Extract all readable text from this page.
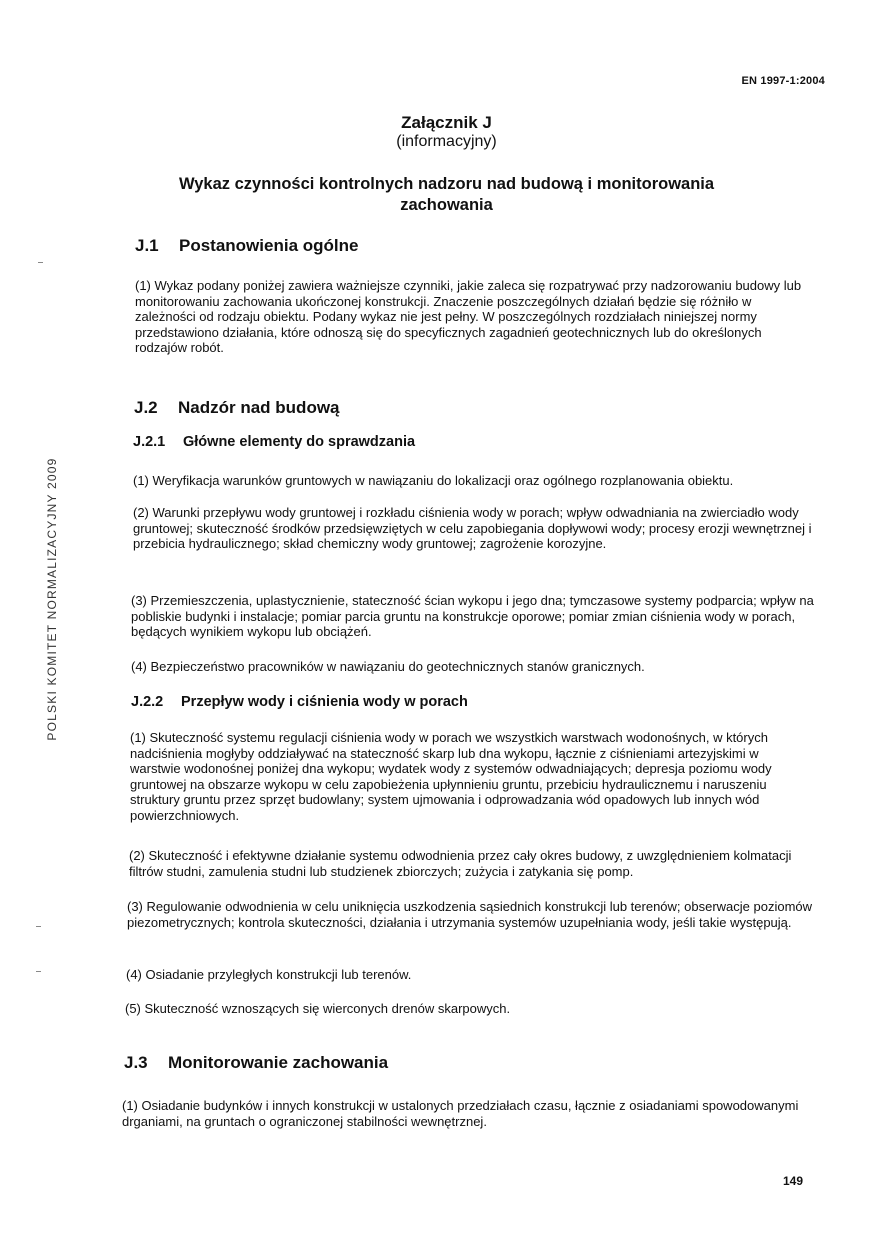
EN 1997-1:2004
Załącznik J
(informacyjny)
Wykaz czynności kontrolnych nadzoru nad budową i monitorowania
zachowania
J.1 Postanowienia ogólne
(1) Wykaz podany poniżej zawiera ważniejsze czynniki, jakie zaleca się rozpatrywać przy nadzorowaniu budowy lub monitorowaniu zachowania ukończonej konstrukcji. Znaczenie poszczególnych działań będzie się różniło w zależności od rodzaju obiektu. Podany wykaz nie jest pełny. W poszczególnych rozdziałach niniejszej normy przedstawiono działania, które odnoszą się do specyficznych zagadnień geotechnicznych lub do określonych rodzajów robót.
J.2 Nadzór nad budową
J.2.1 Główne elementy do sprawdzania
(1) Weryfikacja warunków gruntowych w nawiązaniu do lokalizacji oraz ogólnego rozplanowania obiektu.
(2) Warunki przepływu wody gruntowej i rozkładu ciśnienia wody w porach; wpływ odwadniania na zwierciadło wody gruntowej; skuteczność środków przedsięwziętych w celu zapobiegania dopływowi wody; procesy erozji wewnętrznej i przebicia hydraulicznego; skład chemiczny wody gruntowej; zagrożenie korozyjne.
(3) Przemieszczenia, uplastycznienie, stateczność ścian wykopu i jego dna; tymczasowe systemy podparcia; wpływ na pobliskie budynki i instalacje; pomiar parcia gruntu na konstrukcje oporowe; pomiar zmian ciśnienia wody w porach, będących wynikiem wykopu lub obciążeń.
(4) Bezpieczeństwo pracowników w nawiązaniu do geotechnicznych stanów granicznych.
J.2.2 Przepływ wody i ciśnienia wody w porach
(1) Skuteczność systemu regulacji ciśnienia wody w porach we wszystkich warstwach wodonośnych, w których nadciśnienia mogłyby oddziaływać na stateczność skarp lub dna wykopu, łącznie z ciśnieniami artezyjskimi w warstwie wodonośnej poniżej dna wykopu; wydatek wody z systemów odwadniających; depresja poziomu wody gruntowej na obszarze wykopu w celu zapobieżenia upłynnieniu gruntu, przebiciu hydraulicznemu i naruszeniu struktury gruntu przez sprzęt budowlany; system ujmowania i odprowadzania wód opadowych lub innych wód powierzchniowych.
(2) Skuteczność i efektywne działanie systemu odwodnienia przez cały okres budowy, z uwzględnieniem kolmatacji filtrów studni, zamulenia studni lub studzienek zbiorczych; zużycia i zatykania się pomp.
(3) Regulowanie odwodnienia w celu uniknięcia uszkodzenia sąsiednich konstrukcji lub terenów; obserwacje poziomów piezometrycznych; kontrola skuteczności, działania i utrzymania systemów uzupełniania wody, jeśli takie występują.
(4) Osiadanie przyległych konstrukcji lub terenów.
(5) Skuteczność wznoszących się wierconych drenów skarpowych.
J.3 Monitorowanie zachowania
(1) Osiadanie budynków i innych konstrukcji w ustalonych przedziałach czasu, łącznie z osiadaniami spowodowanymi drganiami, na gruntach o ograniczonej stabilności wewnętrznej.
POLSKI KOMITET NORMALIZACYJNY 2009
149
